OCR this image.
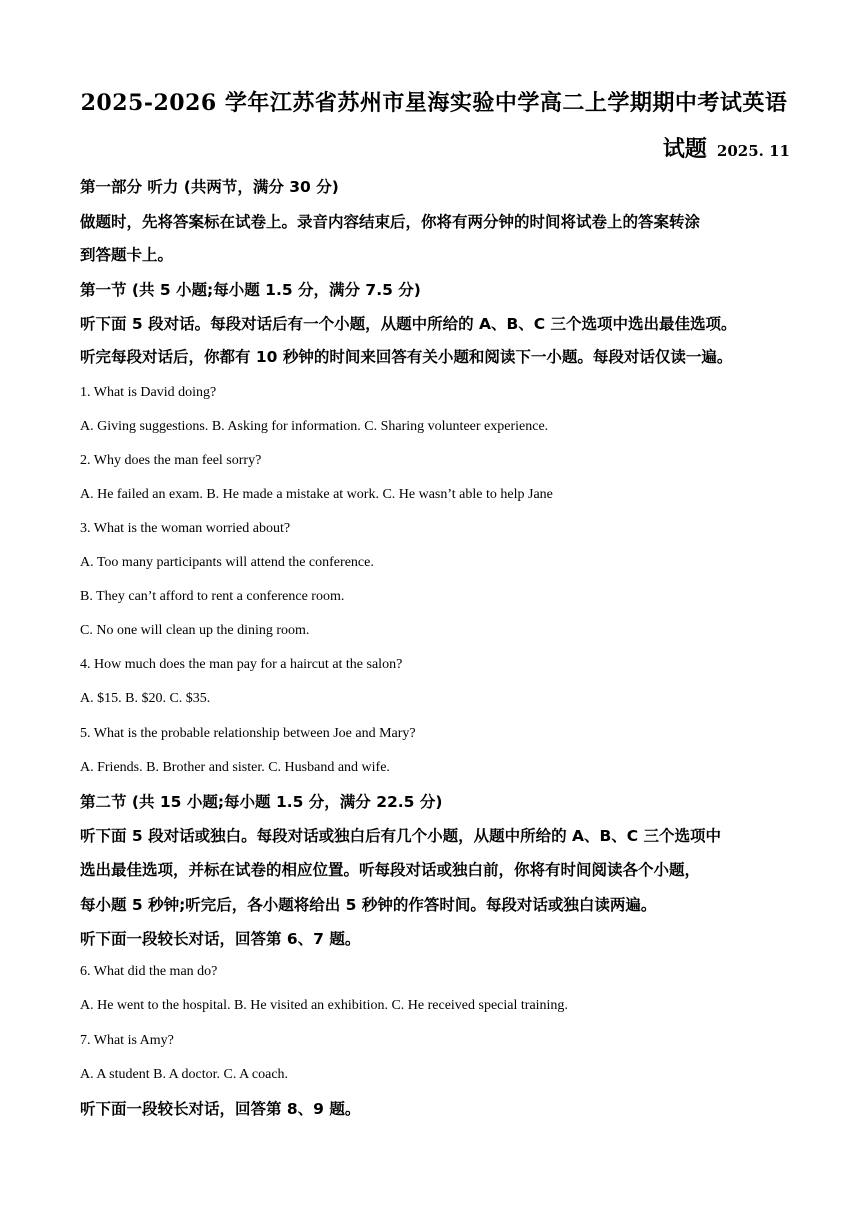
2025-2026 学年江苏省苏州市星海实验中学高二上学期期中考试英语
试题 2025. 11
第一部分 听力 (共两节，满分 30 分)
做题时，先将答案标在试卷上。录音内容结束后，你将有两分钟的时间将试卷上的答案转涂
到答题卡上。
第一节 (共 5 小题;每小题 1.5 分，满分 7.5 分)
听下面 5 段对话。每段对话后有一个小题，从题中所给的 A、B、C 三个选项中选出最佳选项。
听完每段对话后，你都有 10 秒钟的时间来回答有关小题和阅读下一小题。每段对话仅读一遍。
1. What is David doing?
A. Giving suggestions. B. Asking for information. C. Sharing volunteer experience.
2. Why does the man feel sorry?
A. He failed an exam. B. He made a mistake at work. C. He wasn’t able to help Jane
3. What is the woman worried about?
A. Too many participants will attend the conference.
B. They can’t afford to rent a conference room.
C. No one will clean up the dining room.
4. How much does the man pay for a haircut at the salon?
A. $15. B. $20. C. $35.
5. What is the probable relationship between Joe and Mary?
A. Friends. B. Brother and sister. C. Husband and wife.
第二节 (共 15 小题;每小题 1.5 分，满分 22.5 分)
听下面 5 段对话或独白。每段对话或独白后有几个小题，从题中所给的 A、B、C 三个选项中
选出最佳选项，并标在试卷的相应位置。听每段对话或独白前，你将有时间阅读各个小题，
每小题 5 秒钟;听完后，各小题将给出 5 秒钟的作答时间。每段对话或独白读两遍。
听下面一段较长对话，回答第 6、7 题。
6. What did the man do?
A. He went to the hospital. B. He visited an exhibition. C. He received special training.
7. What is Amy?
A. A student B. A doctor. C. A coach.
听下面一段较长对话，回答第 8、9 题。
